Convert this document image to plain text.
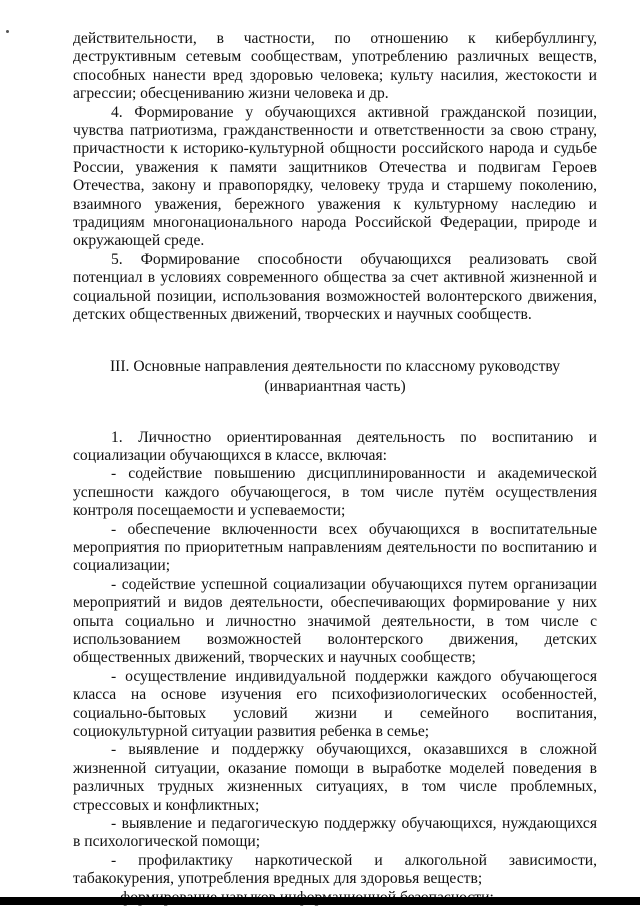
действительности, в частности, по отношению к кибербуллингу, деструктивным сетевым сообществам, употреблению различных веществ, способных нанести вред здоровью человека; культу насилия, жестокости и агрессии; обесцениванию жизни человека и др.

4. Формирование у обучающихся активной гражданской позиции, чувства патриотизма, гражданственности и ответственности за свою страну, причастности к историко-культурной общности российского народа и судьбе России, уважения к памяти защитников Отечества и подвигам Героев Отечества, закону и правопорядку, человеку труда и старшему поколению, взаимного уважения, бережного уважения к культурному наследию и традициям многонационального народа Российской Федерации, природе и окружающей среде.

5. Формирование способности обучающихся реализовать свой потенциал в условиях современного общества за счет активной жизненной и социальной позиции, использования возможностей волонтерского движения, детских общественных движений, творческих и научных сообществ.

III. Основные направления деятельности по классному руководству
(инвариантная часть)

1. Личностно ориентированная деятельность по воспитанию и социализации обучающихся в классе, включая:

- содействие повышению дисциплинированности и академической успешности каждого обучающегося, в том числе путём осуществления контроля посещаемости и успеваемости;

- обеспечение включенности всех обучающихся в воспитательные мероприятия по приоритетным направлениям деятельности по воспитанию и социализации;

- содействие успешной социализации обучающихся путем организации мероприятий и видов деятельности, обеспечивающих формирование у них опыта социально и личностно значимой деятельности, в том числе с использованием возможностей волонтерского движения, детских общественных движений, творческих и научных сообществ;

- осуществление индивидуальной поддержки каждого обучающегося класса на основе изучения его психофизиологических особенностей, социально-бытовых условий жизни и семейного воспитания, социокультурной ситуации развития ребенка в семье;

- выявление и поддержку обучающихся, оказавшихся в сложной жизненной ситуации, оказание помощи в выработке моделей поведения в различных трудных жизненных ситуациях, в том числе проблемных, стрессовых и конфликтных;

- выявление и педагогическую поддержку обучающихся, нуждающихся в психологической помощи;

- профилактику наркотической и алкогольной зависимости, табакокурения, употребления вредных для здоровья веществ;
